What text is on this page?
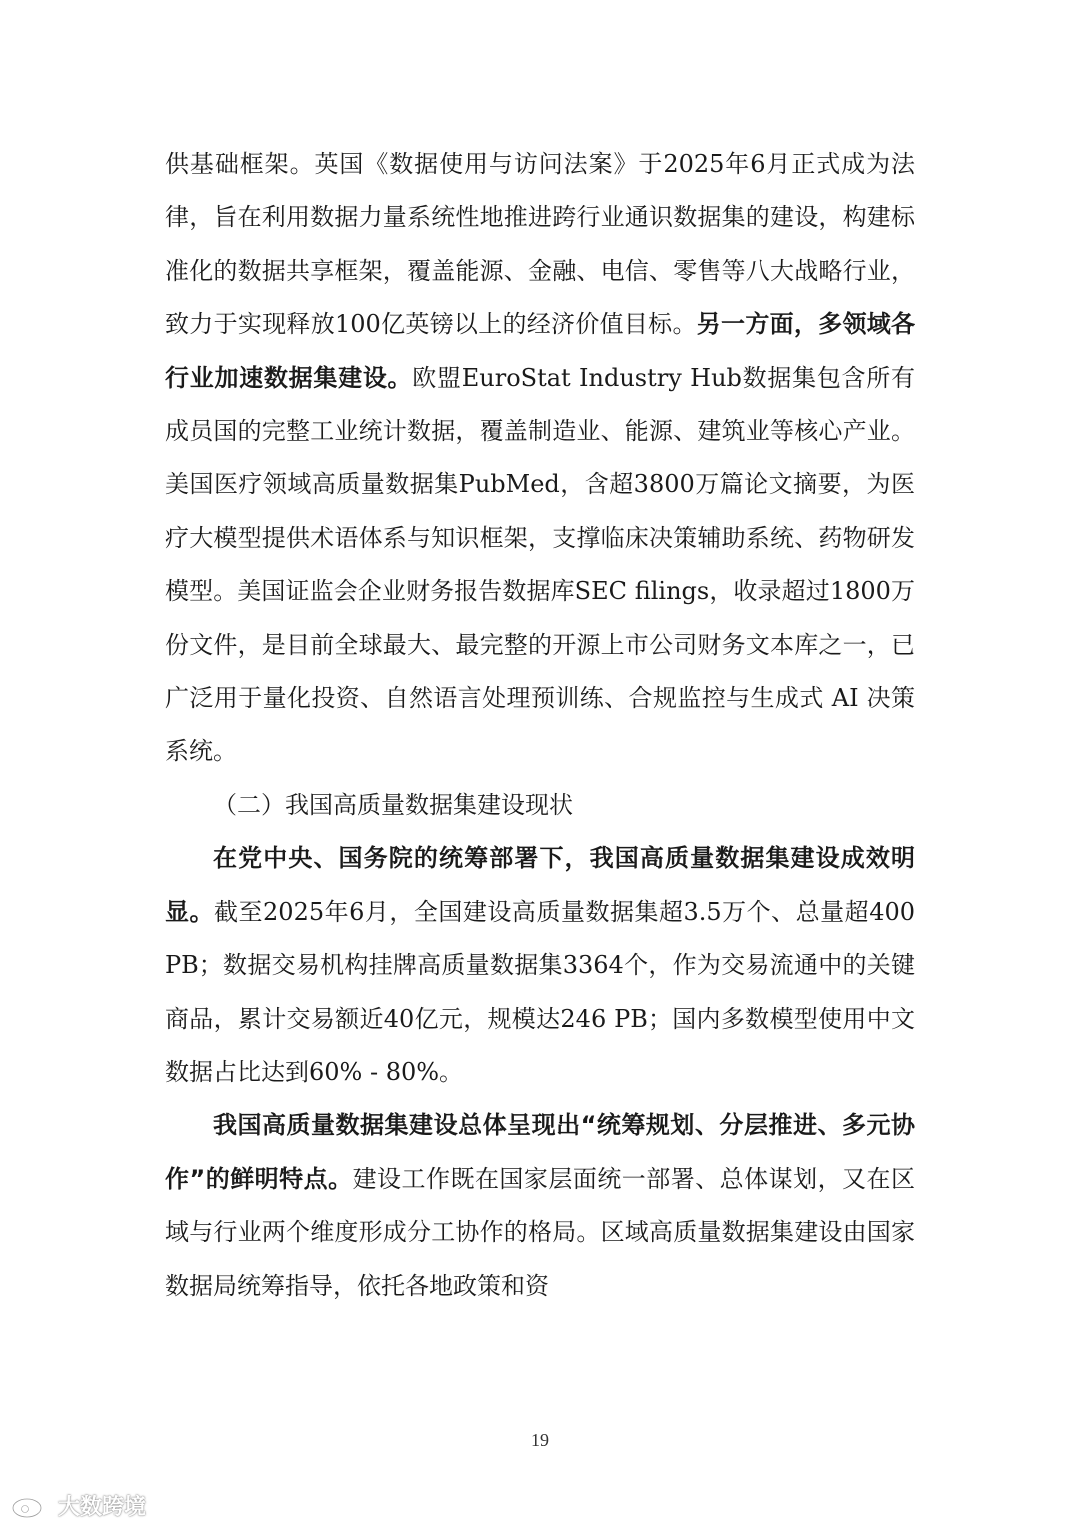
供基础框架。英国《数据使用与访问法案》于2025年6月正式成为法律，旨在利用数据力量系统性地推进跨行业通识数据集的建设，构建标准化的数据共享框架，覆盖能源、金融、电信、零售等八大战略行业，致力于实现释放100亿英镑以上的经济价值目标。另一方面，多领域各行业加速数据集建设。欧盟EuroStat Industry Hub数据集包含所有成员国的完整工业统计数据，覆盖制造业、能源、建筑业等核心产业。美国医疗领域高质量数据集PubMed，含超3800万篇论文摘要，为医疗大模型提供术语体系与知识框架，支撑临床决策辅助系统、药物研发模型。美国证监会企业财务报告数据库SEC filings，收录超过1800万份文件，是目前全球最大、最完整的开源上市公司财务文本库之一，已广泛用于量化投资、自然语言处理预训练、合规监控与生成式 AI 决策系统。

（二）我国高质量数据集建设现状

在党中央、国务院的统筹部署下，我国高质量数据集建设成效明显。截至2025年6月，全国建设高质量数据集超3.5万个、总量超400 PB；数据交易机构挂牌高质量数据集3364个，作为交易流通中的关键商品，累计交易额近40亿元，规模达246 PB；国内多数模型使用中文数据占比达到60% - 80%。

我国高质量数据集建设总体呈现出“统筹规划、分层推进、多元协作”的鲜明特点。建设工作既在国家层面统一部署、总体谋划，又在区域与行业两个维度形成分工协作的格局。区域高质量数据集建设由国家数据局统筹指导，依托各地政策和资

19
大数跨境
